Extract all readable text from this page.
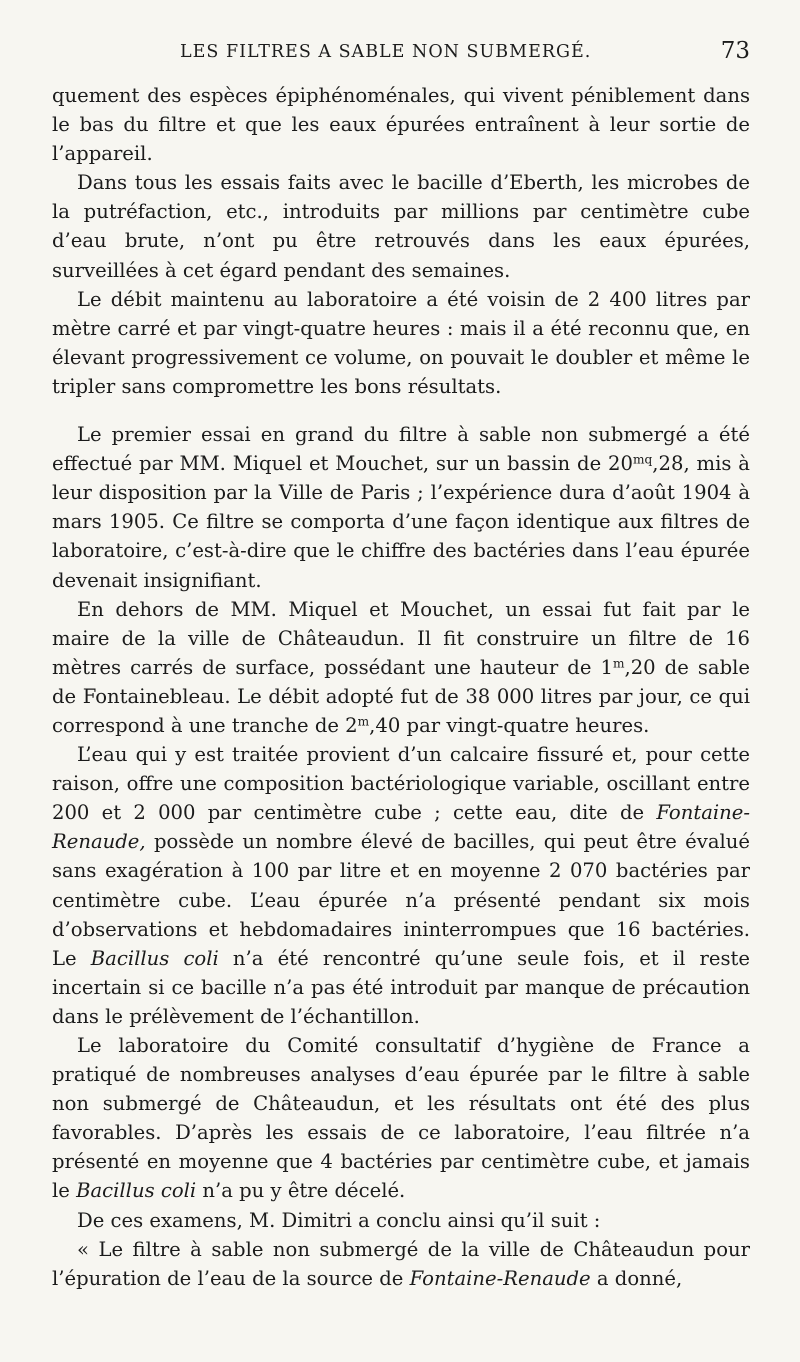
LES FILTRES A SABLE NON SUBMERGÉ.	73

quement des espèces épiphénoménales, qui vivent péniblement dans le bas du filtre et que les eaux épurées entraînent à leur sortie de l’appareil.

Dans tous les essais faits avec le bacille d’Eberth, les microbes de la putréfaction, etc., introduits par millions par centimètre cube d’eau brute, n’ont pu être retrouvés dans les eaux épurées, surveillées à cet égard pendant des semaines.

Le débit maintenu au laboratoire a été voisin de 2 400 litres par mètre carré et par vingt-quatre heures : mais il a été reconnu que, en élevant progressivement ce volume, on pouvait le doubler et même le tripler sans compromettre les bons résultats.

Le premier essai en grand du filtre à sable non submergé a été effectué par MM. Miquel et Mouchet, sur un bassin de $20^{mq},28$, mis à leur disposition par la Ville de Paris ; l’expérience dura d’août 1904 à mars 1905. Ce filtre se comporta d’une façon identique aux filtres de laboratoire, c’est-à-dire que le chiffre des bactéries dans l’eau épurée devenait insignifiant.

En dehors de MM. Miquel et Mouchet, un essai fut fait par le maire de la ville de Châteaudun. Il fit construire un filtre de 16 mètres carrés de surface, possédant une hauteur de 1$^m$,20 de sable de Fontainebleau. Le débit adopté fut de 38 000 litres par jour, ce qui correspond à une tranche de 2$^m$,40 par vingt-quatre heures.

L’eau qui y est traitée provient d’un calcaire fissuré et, pour cette raison, offre une composition bactériologique variable, oscillant entre 200 et 2 000 par centimètre cube ; cette eau, dite de Fontaine-Renaude, possède un nombre élevé de bacilles, qui peut être évalué sans exagération à 100 par litre et en moyenne 2 070 bactéries par centimètre cube. L’eau épurée n’a présenté pendant six mois d’observations et hebdomadaires ininterrompues que 16 bactéries. Le Bacillus coli n’a été rencontré qu’une seule fois, et il reste incertain si ce bacille n’a pas été introduit par manque de précaution dans le prélèvement de l’échantillon.

Le laboratoire du Comité consultatif d’hygiène de France a pratiqué de nombreuses analyses d’eau épurée par le filtre à sable non submergé de Châteaudun, et les résultats ont été des plus favorables. D’après les essais de ce laboratoire, l’eau filtrée n’a présenté en moyenne que 4 bactéries par centimètre cube, et jamais le Bacillus coli n’a pu y être décelé.

De ces examens, M. Dimitri a conclu ainsi qu’il suit :

« Le filtre à sable non submergé de la ville de Châteaudun pour l’épuration de l’eau de la source de Fontaine-Renaude a donné,
